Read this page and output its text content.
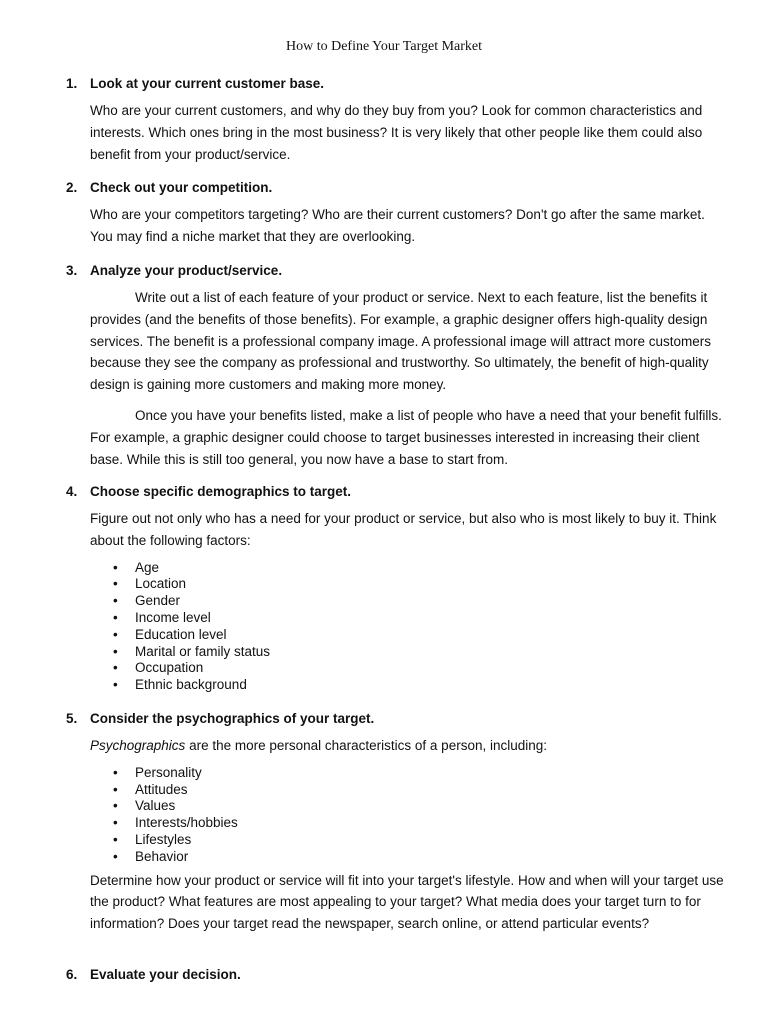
How to Define Your Target Market
1. Look at your current customer base.

Who are your current customers, and why do they buy from you? Look for common characteristics and interests. Which ones bring in the most business? It is very likely that other people like them could also benefit from your product/service.

2. Check out your competition.

Who are your competitors targeting? Who are their current customers? Don't go after the same market. You may find a niche market that they are overlooking.

3. Analyze your product/service.

Write out a list of each feature of your product or service. Next to each feature, list the benefits it provides (and the benefits of those benefits). For example, a graphic designer offers high-quality design services. The benefit is a professional company image. A professional image will attract more customers because they see the company as professional and trustworthy. So ultimately, the benefit of high-quality design is gaining more customers and making more money.

Once you have your benefits listed, make a list of people who have a need that your benefit fulfills. For example, a graphic designer could choose to target businesses interested in increasing their client base. While this is still too general, you now have a base to start from.

4. Choose specific demographics to target.

Figure out not only who has a need for your product or service, but also who is most likely to buy it. Think about the following factors:

• Age
• Location
• Gender
• Income level
• Education level
• Marital or family status
• Occupation
• Ethnic background
5. Consider the psychographics of your target.

Psychographics are the more personal characteristics of a person, including:

• Personality
• Attitudes
• Values
• Interests/hobbies
• Lifestyles
• Behavior

Determine how your product or service will fit into your target's lifestyle. How and when will your target use the product? What features are most appealing to your target? What media does your target turn to for information? Does your target read the newspaper, search online, or attend particular events?

6. Evaluate your decision.
